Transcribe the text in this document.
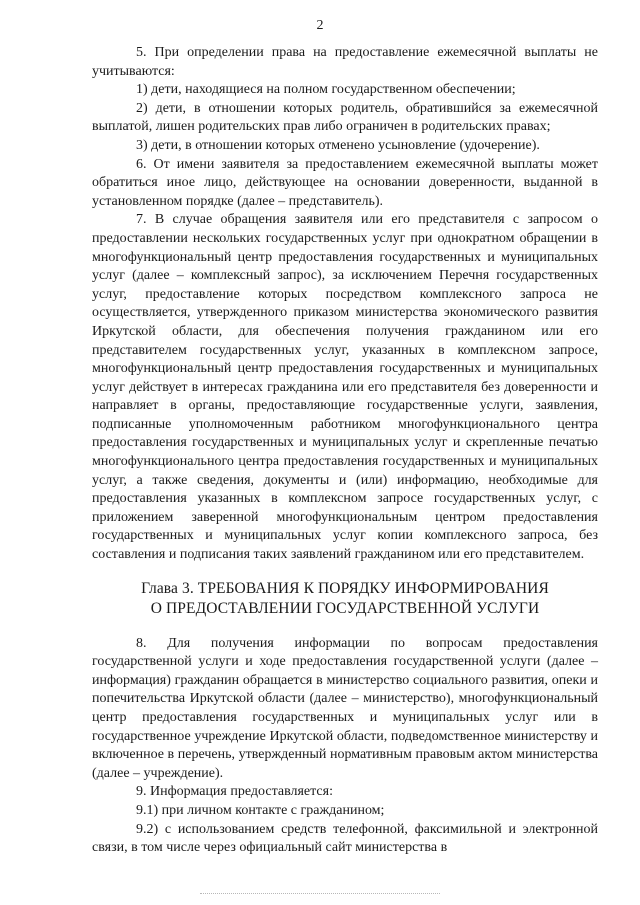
2

5. При определении права на предоставление ежемесячной выплаты не учитываются:

1) дети, находящиеся на полном государственном обеспечении;

2) дети, в отношении которых родитель, обратившийся за ежемесячной выплатой, лишен родительских прав либо ограничен в родительских правах;

3) дети, в отношении которых отменено усыновление (удочерение).

6. От имени заявителя за предоставлением ежемесячной выплаты может обратиться иное лицо, действующее на основании доверенности, выданной в установленном порядке (далее – представитель).

7. В случае обращения заявителя или его представителя с запросом о предоставлении нескольких государственных услуг при однократном обращении в многофункциональный центр предоставления государственных и муниципальных услуг (далее – комплексный запрос), за исключением Перечня государственных услуг, предоставление которых посредством комплексного запроса не осуществляется, утвержденного приказом министерства экономического развития Иркутской области, для обеспечения получения гражданином или его представителем государственных услуг, указанных в комплексном запросе, многофункциональный центр предоставления государственных и муниципальных услуг действует в интересах гражданина или его представителя без доверенности и направляет в органы, предоставляющие государственные услуги, заявления, подписанные уполномоченным работником многофункционального центра предоставления государственных и муниципальных услуг и скрепленные печатью многофункционального центра предоставления государственных и муниципальных услуг, а также сведения, документы и (или) информацию, необходимые для предоставления указанных в комплексном запросе государственных услуг, с приложением заверенной многофункциональным центром предоставления государственных и муниципальных услуг копии комплексного запроса, без составления и подписания таких заявлений гражданином или его представителем.

Глава 3. ТРЕБОВАНИЯ К ПОРЯДКУ ИНФОРМИРОВАНИЯ
О ПРЕДОСТАВЛЕНИИ ГОСУДАРСТВЕННОЙ УСЛУГИ

8. Для получения информации по вопросам предоставления государственной услуги и ходе предоставления государственной услуги (далее – информация) гражданин обращается в министерство социального развития, опеки и попечительства Иркутской области (далее – министерство), многофункциональный центр предоставления государственных и муниципальных услуг или в государственное учреждение Иркутской области, подведомственное министерству и включенное в перечень, утвержденный нормативным правовым актом министерства (далее – учреждение).

9. Информация предоставляется:

9.1) при личном контакте с гражданином;

9.2) с использованием средств телефонной, факсимильной и электронной связи, в том числе через официальный сайт министерства в
